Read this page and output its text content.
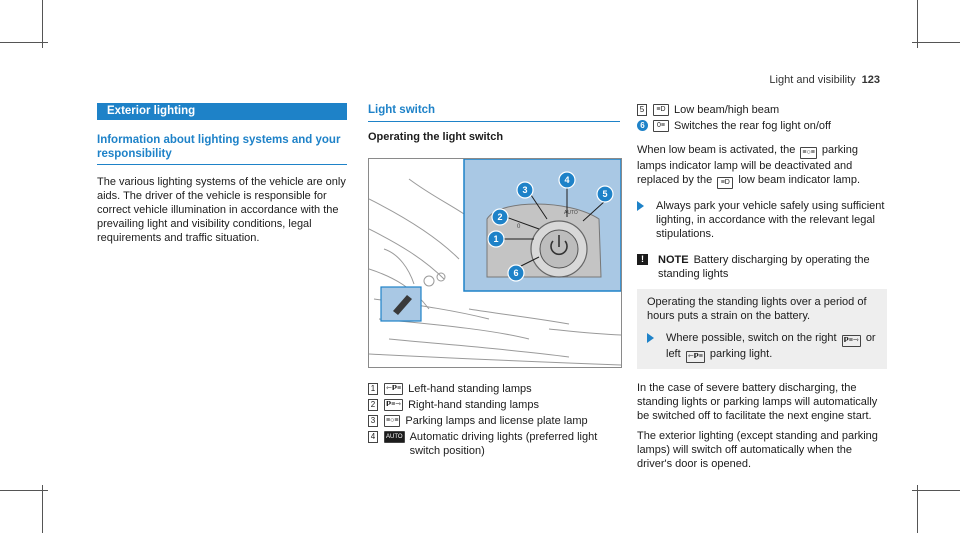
Light and visibility 123
Exterior lighting
Information about lighting systems and your responsibility

The various lighting systems of the vehicle are only aids. The driver of the vehicle is responsible for correct vehicle illumination in accordance with the prevailing light and visibility conditions, legal requirements and traffic situation.

Light switch
Operating the light switch
0
AUTO
1
2
3
4
5
6
1	⇽𝗣≡ Left-hand standing lamps
2	𝗣≡⇾ Right-hand standing lamps
3	≡○≡ Parking lamps and license plate lamp
4	AUTO Automatic driving lights (preferred light switch position)
5	≡D Low beam/high beam
6	0≡ Switches the rear fog light on/off

When low beam is activated, the ≡○≡ parking lamps indicator lamp will be deactivated and replaced by the ≡D low beam indicator lamp.

Always park your vehicle safely using sufficient lighting, in accordance with the relevant legal stipulations.
!	NOTE Battery discharging by operating the standing lights

Operating the standing lights over a period of hours puts a strain on the battery.

Where possible, switch on the right 𝗣≡⇾ or left ⇽𝗣≡ parking light.

In the case of severe battery discharging, the standing lights or parking lamps will automatically be switched off to facilitate the next engine start.

The exterior lighting (except standing and parking lamps) will switch off automatically when the driver's door is opened.
